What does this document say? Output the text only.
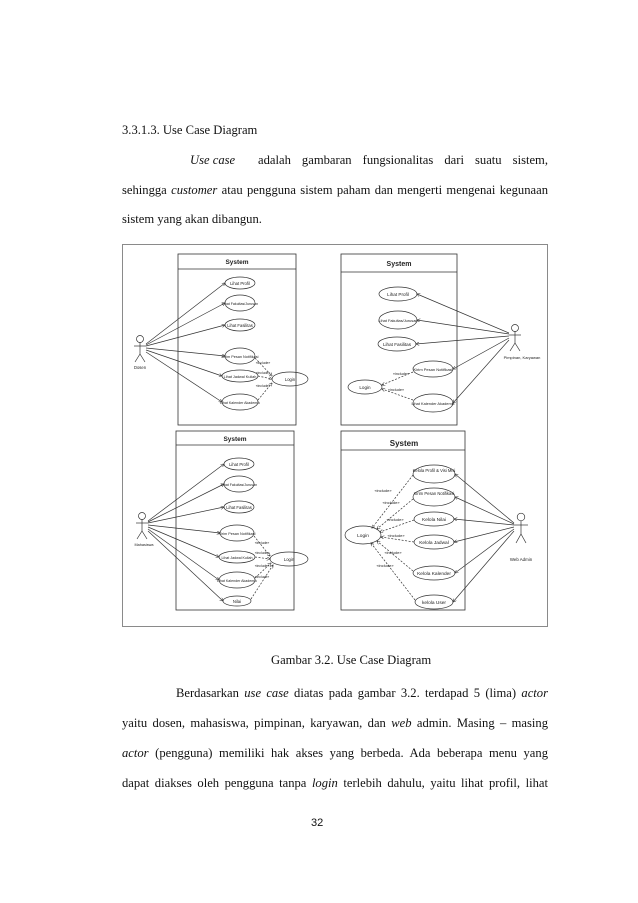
3.3.1.3. Use Case Diagram
Use case adalah gambaran fungsionalitas dari suatu sistem,
sehingga customer atau pengguna sistem paham dan mengerti mengenai kegunaan
sistem yang akan dibangun.
System
Lihat Profil
Lihat Fakultas/Jurusan
Lihat Fasilitas
Kirim Pesan Notifikasi
Lihat Jadwal Kuliah
Lihat Kalender Akademik
Login
«include»
«include»
«include»
Dosen
System
Lihat Profil
Lihat Fakultas/Jurusan
Lihat Fasilitas
Kirim Pesan Notifikasi
Lihat Kalender Akademik
Login
«include»
«include»
Pimpinan, Karyawan
System
Lihat Profil
Lihat Fakultas/Jurusan
Lihat Fasilitas
Kirim Pesan Notifikasi
Lihat Jadwal Kuliah
Lihat Kalender Akademik
Nilai
Login
«include»
«include»
«include»
«include»
Mahasiswa
System
Kelola Profil & Visi Misi
Kirim Pesan Notifikasi
Kelola Nilai
Kelola Jadwal
Kelola Kalender
kelola User
Login
«include»
«include»
«include»
«include»
«include»
«include»
Web Admin
Gambar 3.2. Use Case Diagram
Berdasarkan use case diatas pada gambar 3.2. terdapad 5 (lima) actor
yaitu dosen, mahasiswa, pimpinan, karyawan, dan web admin. Masing – masing
actor (pengguna) memiliki hak akses yang berbeda. Ada beberapa menu yang
dapat diakses oleh pengguna tanpa login terlebih dahulu, yaitu lihat profil, lihat
32
